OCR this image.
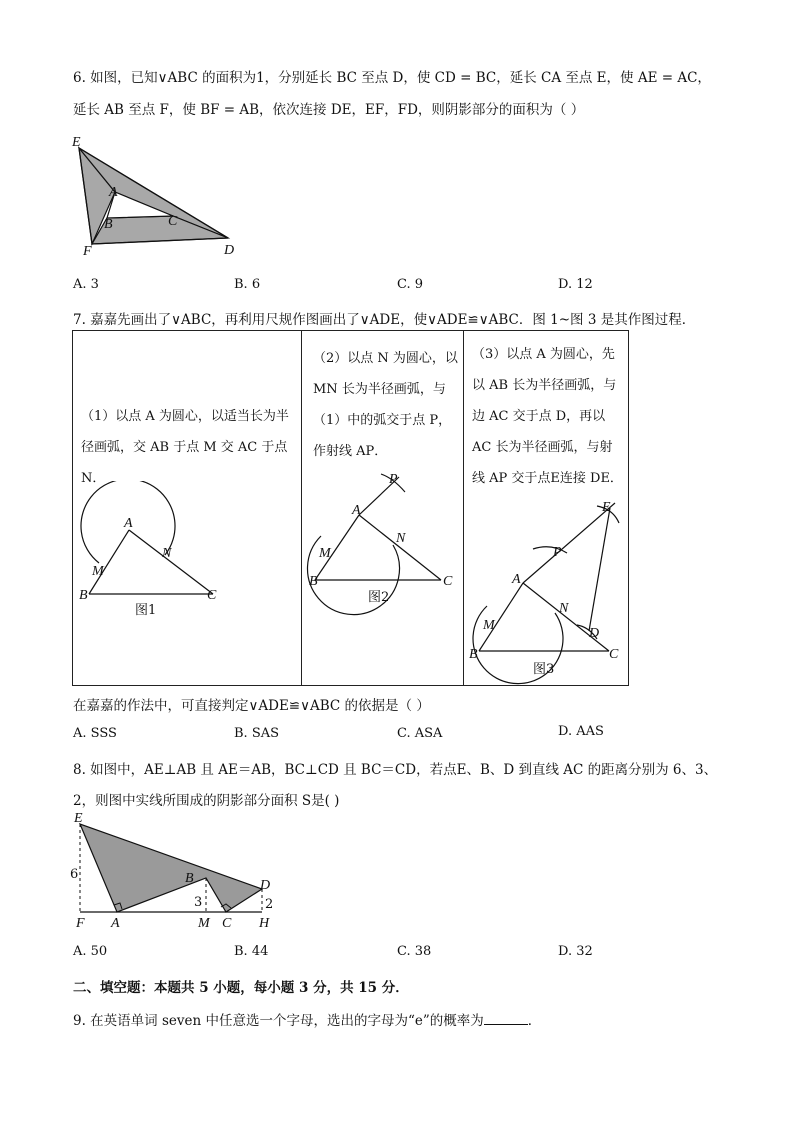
6. 如图，已知∨ABC 的面积为1，分别延长 BC 至点 D，使 CD = BC，延长 CA 至点 E，使 AE = AC，
延长 AB 至点 F，使 BF = AB，依次连接 DE，EF，FD，则阴影部分的面积为（ ）
E
A
B	C
F	D
A. 3	B. 6	C. 9	D. 12
7. 嘉嘉先画出了∨ABC，再利用尺规作图画出了∨ADE，使∨ADE≌∨ABC．图 1~图 3 是其作图过程．
（1）以点 A 为圆心，以适当长为半
径画弧，交 AB 于点 M 交 AC 于点
N．
A
M
N
B	C
图1
（2）以点 N 为圆心，以
MN 长为半径画弧，与
（1）中的弧交于点 P，
作射线 AP．
A
P
M
N
B	C
图2
（3）以点 A 为圆心，先
以 AB 长为半径画弧，与
边 AC 交于点 D，再以
AC 长为半径画弧，与射
线 AP 交于点E连接 DE．
E
P
A
N
M
D
B	C
图3
在嘉嘉的作法中，可直接判定∨ADE≌∨ABC 的依据是（ ）
A. SSS	B. SAS	C. ASA	D. AAS
8. 如图中，AE⊥AB 且 AE＝AB，BC⊥CD 且 BC＝CD，若点E、B、D 到直线 AC 的距离分别为 6、3、
2，则图中实线所围成的阴影部分面积 S是( )
E
B	D
F A	M C H
6
3	2
A. 50	B. 44	C. 38	D. 32
二、填空题：本题共 5 小题，每小题 3 分，共 15 分．
9. 在英语单词 seven 中任意选一个字母，选出的字母为“e”的概率为	．
